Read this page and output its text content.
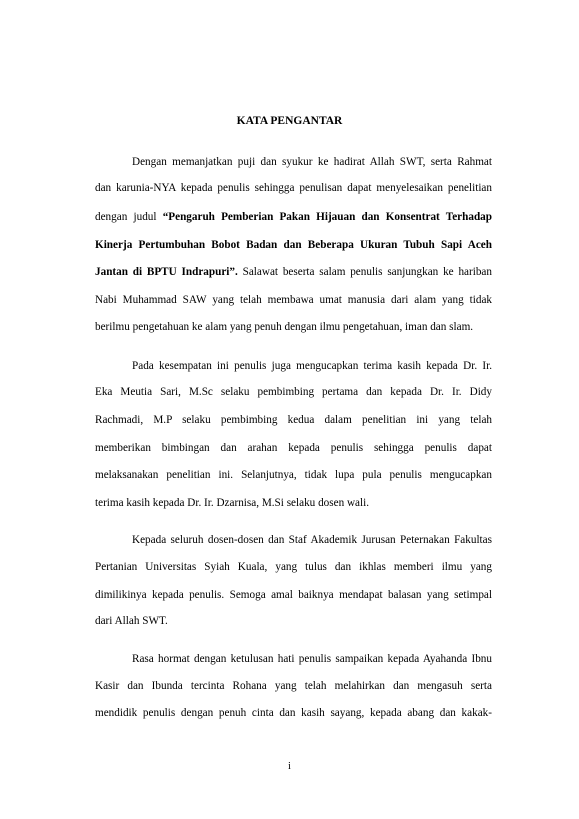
KATA PENGANTAR
Dengan memanjatkan puji dan syukur ke hadirat Allah SWT, serta Rahmat
dan karunia-NYA kepada penulis sehingga penulisan dapat menyelesaikan penelitian
dengan judul “Pengaruh Pemberian Pakan Hijauan dan Konsentrat Terhadap
Kinerja Pertumbuhan Bobot Badan dan Beberapa Ukuran Tubuh Sapi Aceh
Jantan di BPTU Indrapuri”. Salawat beserta salam penulis sanjungkan ke hariban
Nabi Muhammad SAW yang telah membawa umat manusia dari alam yang tidak
berilmu pengetahuan ke alam yang penuh dengan ilmu pengetahuan, iman dan slam.
Pada kesempatan ini penulis juga mengucapkan terima kasih kepada Dr. Ir.
Eka Meutia Sari, M.Sc selaku pembimbing pertama dan kepada Dr. Ir. Didy
Rachmadi, M.P selaku pembimbing kedua dalam penelitian ini yang telah
memberikan bimbingan dan arahan kepada penulis sehingga penulis dapat
melaksanakan penelitian ini. Selanjutnya, tidak lupa pula penulis mengucapkan
terima kasih kepada Dr. Ir. Dzarnisa, M.Si selaku dosen wali.
Kepada seluruh dosen-dosen dan Staf Akademik Jurusan Peternakan Fakultas
Pertanian Universitas Syiah Kuala, yang tulus dan ikhlas memberi ilmu yang
dimilikinya kepada penulis. Semoga amal baiknya mendapat balasan yang setimpal
dari Allah SWT.
Rasa hormat dengan ketulusan hati penulis sampaikan kepada Ayahanda Ibnu
Kasir dan Ibunda tercinta Rohana yang telah melahirkan dan mengasuh serta
mendidik penulis dengan penuh cinta dan kasih sayang, kepada abang dan kakak-
i
